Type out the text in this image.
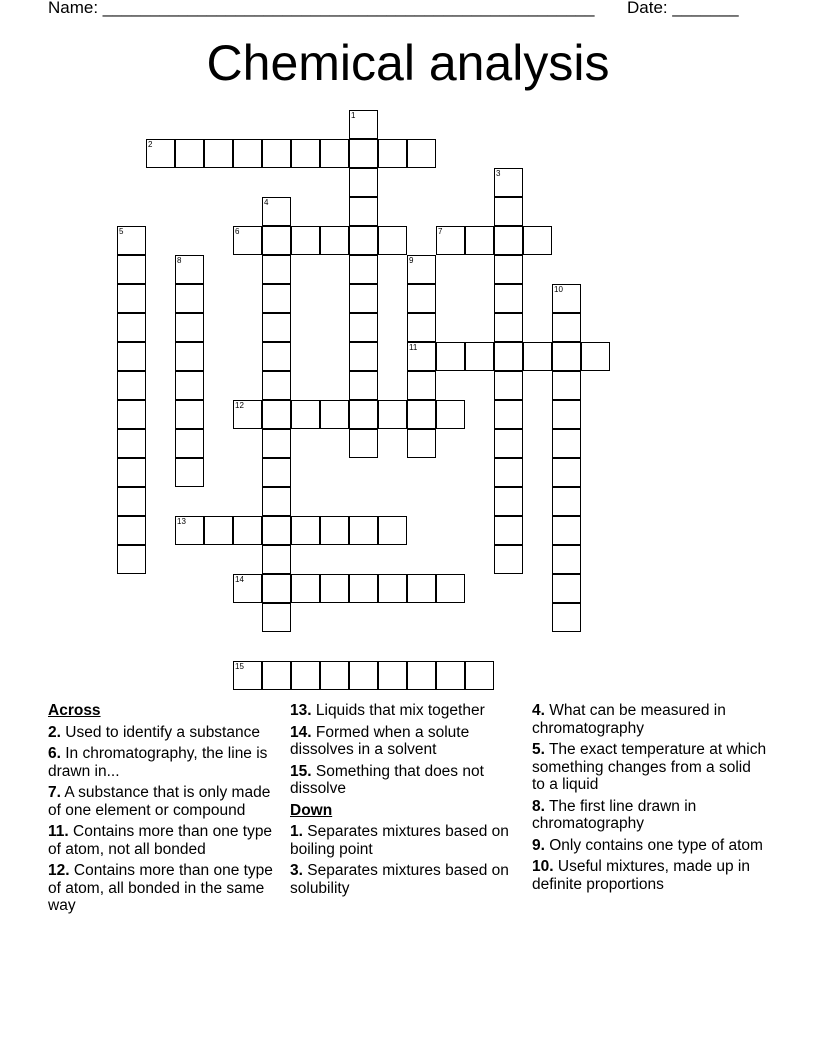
Name: ____________________________________________________ Date: _______
Chemical analysis
1
2
3
4
5	6	7
8	9
11
10
12
13
14
15
Across
2. Used to identify a substance
6. In chromatography, the line is drawn in...
7. A substance that is only made of one element or compound
11. Contains more than one type of atom, not all bonded
12. Contains more than one type of atom, all bonded in the same way
13. Liquids that mix together
14. Formed when a solute dissolves in a solvent
15. Something that does not dissolve
Down
1. Separates mixtures based on boiling point
3. Separates mixtures based on solubility
4. What can be measured in chromatography
5. The exact temperature at which something changes from a solid to a liquid
8. The first line drawn in chromatography
9. Only contains one type of atom
10. Useful mixtures, made up in definite proportions
